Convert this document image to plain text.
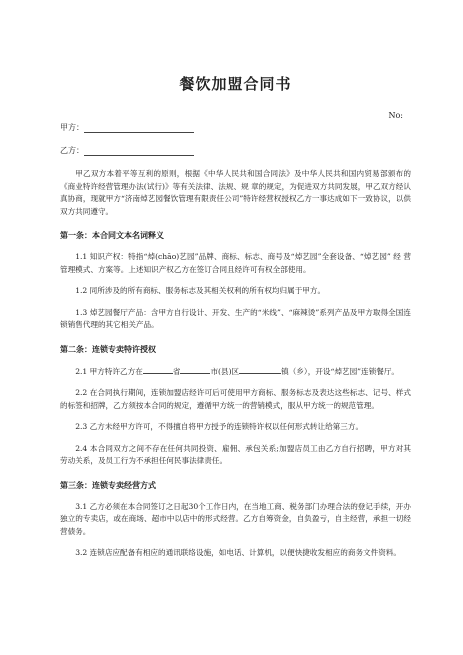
餐饮加盟合同书
No:
甲方：
乙方：

甲乙双方本着平等互利的原则，根据《中华人民共和国合同法》及中华人民共和国内贸易部颁布的《商业特许经营管理办法(试行)》等有关法律、法规、规 章的规定，为促进双方共同发展，甲乙双方经认真协商，现就甲方“济南焯艺园餐饮管理有限责任公司”特许经营权授权乙方一事达成如下一致协议，以供双方共同遵守。

第一条：本合同文本名词释义

1.1 知识产权：特指“焯(chāo)艺园”品牌、商标、标志、商号及“焯艺园”全套设备、“焯艺园” 经 营 管理模式、方案等。上述知识产权乙方在签订合同且经许可有权全部使用。

1.2 同所涉及的所有商标、服务标志及其相关权利的所有权均归属于甲方。

1.3 焯艺园餐厅产品：含甲方自行设计、开发、生产的“米线”、“麻辣烫”系列产品及甲方取得全国连锁销售代理的其它相关产品。

第二条：连锁专卖特许授权

2.1 甲方特许乙方在	省	市(县)区	镇（乡），开设“焯艺园”连锁餐厅。

2.2 在合同执行期间，连锁加盟店经许可后可使用甲方商标、服务标志及表达这些标志、记号、样式的标签和招牌，乙方须按本合同的规定，遵循甲方统一的营销模式，服从甲方统一的规范管理。

2.3 乙方未经甲方许可，不得擅自将甲方授予的连锁特许权以任何形式转让给第三方。

2.4 本合同双方之间不存在任何共同投资、雇佣、承包关系;加盟店员工由乙方自行招聘，甲方对其劳动关系，及员工行为不承担任何民事法律责任。

第三条：连锁专卖经营方式

3.1 乙方必须在本合同签订之日起30个工作日内，在当地工商、税务部门办理合法的登记手续，开办独立的专卖店，或在商场、超市中以店中的形式经营。乙方自筹资金，自负盈亏，自主经营，承担一切经营债务。

3.2 连锁店应配备有相应的通讯联络设施，如电话、计算机，以便快捷收发相应的商务文件资料。
